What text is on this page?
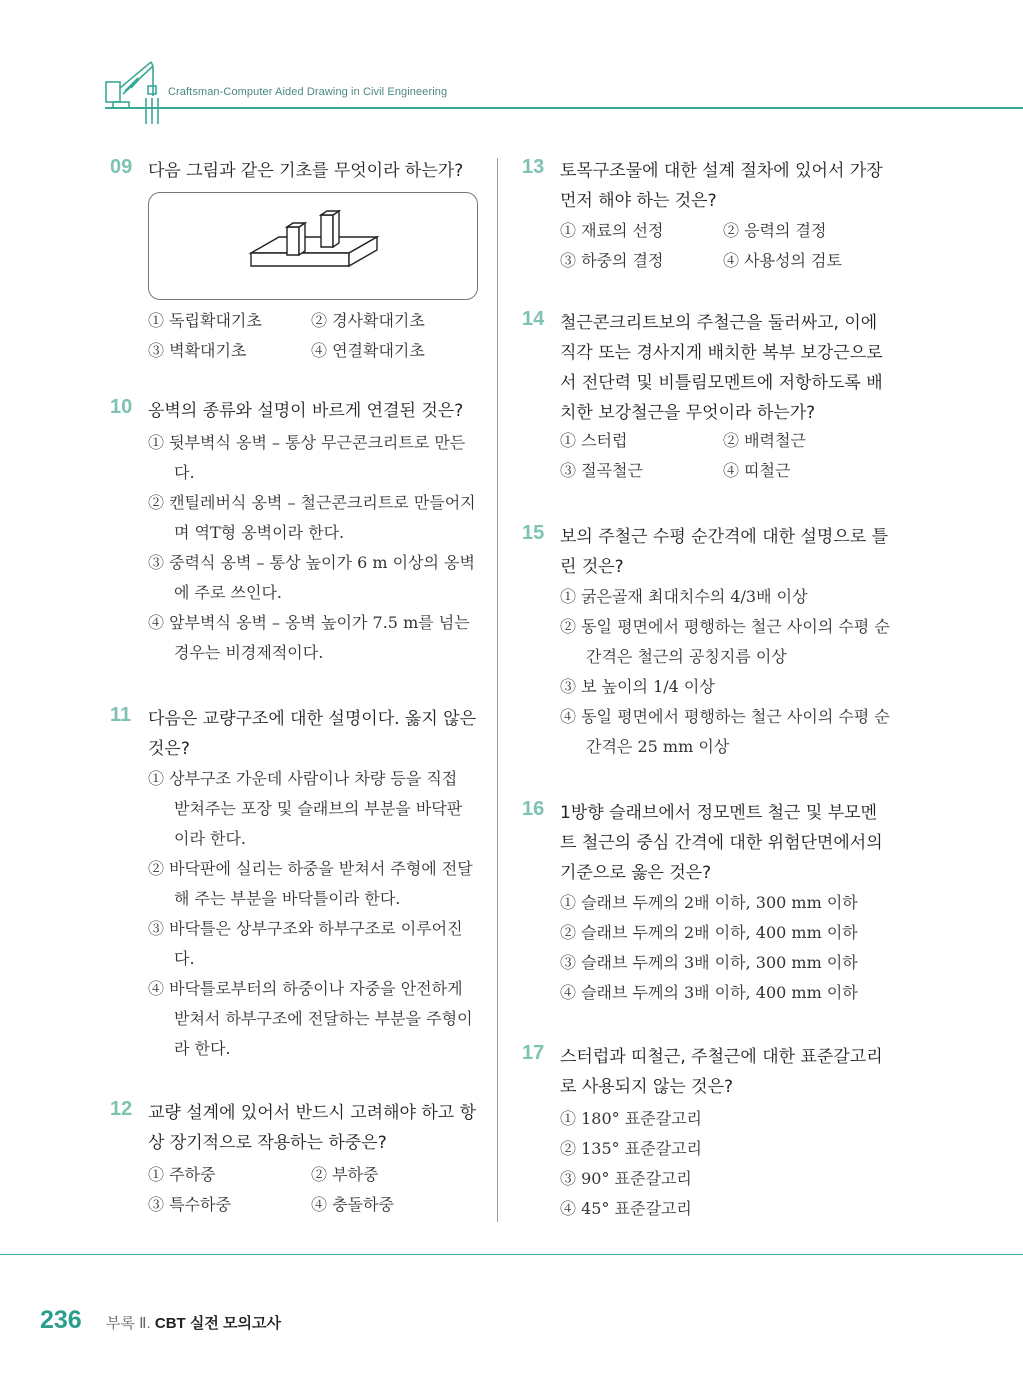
Craftsman-Computer Aided Drawing in Civil Engineering
09 다음 그림과 같은 기초를 무엇이라 하는가?
① 독립확대기초	② 경사확대기초
③ 벽확대기초	④ 연결확대기초
10 옹벽의 종류와 설명이 바르게 연결된 것은?
① 뒷부벽식 옹벽 – 통상 무근콘크리트로 만든다.
② 캔틸레버식 옹벽 – 철근콘크리트로 만들어지며 역T형 옹벽이라 한다.
③ 중력식 옹벽 – 통상 높이가 6 m 이상의 옹벽에 주로 쓰인다.
④ 앞부벽식 옹벽 – 옹벽 높이가 7.5 m를 넘는 경우는 비경제적이다.
11 다음은 교량구조에 대한 설명이다. 옳지 않은 것은?
① 상부구조 가운데 사람이나 차량 등을 직접 받쳐주는 포장 및 슬래브의 부분을 바닥판이라 한다.
② 바닥판에 실리는 하중을 받쳐서 주형에 전달해 주는 부분을 바닥틀이라 한다.
③ 바닥틀은 상부구조와 하부구조로 이루어진다.
④ 바닥틀로부터의 하중이나 자중을 안전하게 받쳐서 하부구조에 전달하는 부분을 주형이라 한다.
12 교량 설계에 있어서 반드시 고려해야 하고 항상 장기적으로 작용하는 하중은?
① 주하중	② 부하중
③ 특수하중	④ 충돌하중
13 토목구조물에 대한 설계 절차에 있어서 가장 먼저 해야 하는 것은?
① 재료의 선정	② 응력의 결정
③ 하중의 결정	④ 사용성의 검토
14 철근콘크리트보의 주철근을 둘러싸고, 이에 직각 또는 경사지게 배치한 복부 보강근으로서 전단력 및 비틀림모멘트에 저항하도록 배치한 보강철근을 무엇이라 하는가?
① 스터럽	② 배력철근
③ 절곡철근	④ 띠철근
15 보의 주철근 수평 순간격에 대한 설명으로 틀린 것은?
① 굵은골재 최대치수의 4/3배 이상
② 동일 평면에서 평행하는 철근 사이의 수평 순간격은 철근의 공칭지름 이상
③ 보 높이의 1/4 이상
④ 동일 평면에서 평행하는 철근 사이의 수평 순간격은 25 mm 이상
16 1방향 슬래브에서 정모멘트 철근 및 부모멘트 철근의 중심 간격에 대한 위험단면에서의 기준으로 옳은 것은?
① 슬래브 두께의 2배 이하, 300 mm 이하
② 슬래브 두께의 2배 이하, 400 mm 이하
③ 슬래브 두께의 3배 이하, 300 mm 이하
④ 슬래브 두께의 3배 이하, 400 mm 이하
17 스터럽과 띠철근, 주철근에 대한 표준갈고리로 사용되지 않는 것은?
① 180° 표준갈고리
② 135° 표준갈고리
③ 90° 표준갈고리
④ 45° 표준갈고리
236 부록 Ⅱ. CBT 실전 모의고사
